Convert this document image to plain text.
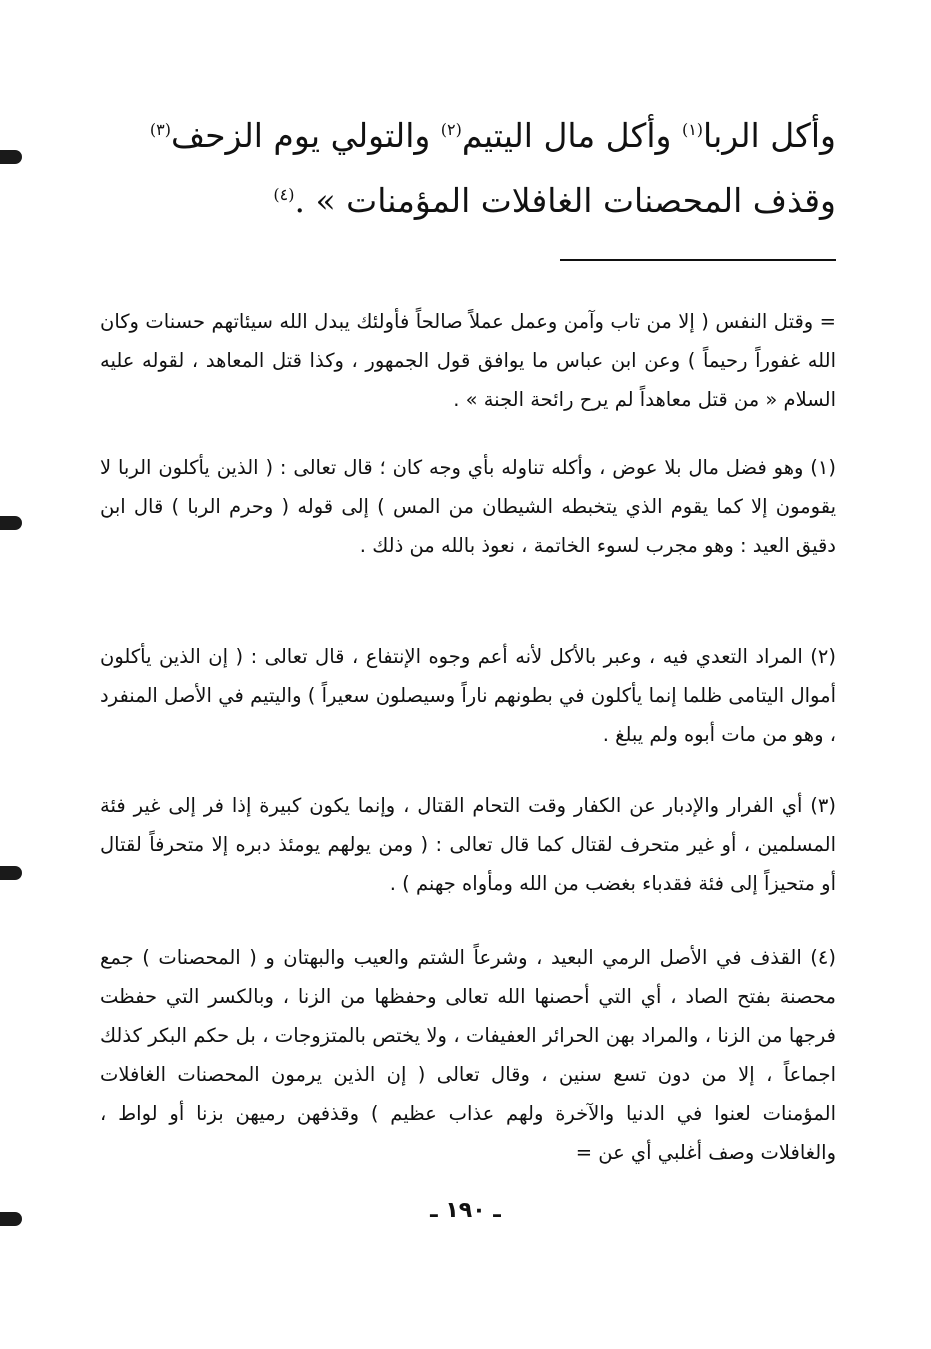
وأكل الربا$^{(١)}$ وأكل مال اليتيم$^{(٢)}$ والتولي يوم الزحف$^{(٣)}$
وقذف المحصنات الغافلات المؤمنات » .$^{(٤)}$

= وقتل النفس ( إلا من تاب وآمن وعمل عملاً صالحاً فأولئك يبدل الله سيئاتهم حسنات وكان الله غفوراً رحيماً ) وعن ابن عباس ما يوافق قول الجمهور ، وكذا قتل المعاهد ، لقوله عليه السلام « من قتل معاهداً لم يرح رائحة الجنة » .

(١) وهو فضل مال بلا عوض ، وأكله تناوله بأي وجه كان ؛ قال تعالى : ( الذين يأكلون الربا لا يقومون إلا كما يقوم الذي يتخبطه الشيطان من المس ) إلى قوله ( وحرم الربا ) قال ابن دقيق العيد : وهو مجرب لسوء الخاتمة ، نعوذ بالله من ذلك .

(٢) المراد التعدي فيه ، وعبر بالأكل لأنه أعم وجوه الإنتفاع ، قال تعالى : ( إن الذين يأكلون أموال اليتامى ظلما إنما يأكلون في بطونهم ناراً وسيصلون سعيراً ) واليتيم في الأصل المنفرد ، وهو من مات أبوه ولم يبلغ .

(٣) أي الفرار والإدبار عن الكفار وقت التحام القتال ، وإنما يكون كبيرة إذا فر إلى غير فئة المسلمين ، أو غير متحرف لقتال كما قال تعالى : ( ومن يولهم يومئذ دبره إلا متحرفاً لقتال أو متحيزاً إلى فئة فقدباء بغضب من الله ومأواه جهنم ) .

(٤) القذف في الأصل الرمي البعيد ، وشرعاً الشتم والعيب والبهتان و ( المحصنات ) جمع محصنة بفتح الصاد ، أي التي أحصنها الله تعالى وحفظها من الزنا ، وبالكسر التي حفظت فرجها من الزنا ، والمراد بهن الحرائر العفيفات ، ولا يختص بالمتزوجات ، بل حكم البكر كذلك اجماعاً ، إلا من دون تسع سنين ، وقال تعالى ( إن الذين يرمون المحصنات الغافلات المؤمنات لعنوا في الدنيا والآخرة ولهم عذاب عظيم ) وقذفهن رميهن بزنا أو لواط ، والغافلات وصف أغلبي أي عن =

ـ ١٩٠ ـ
